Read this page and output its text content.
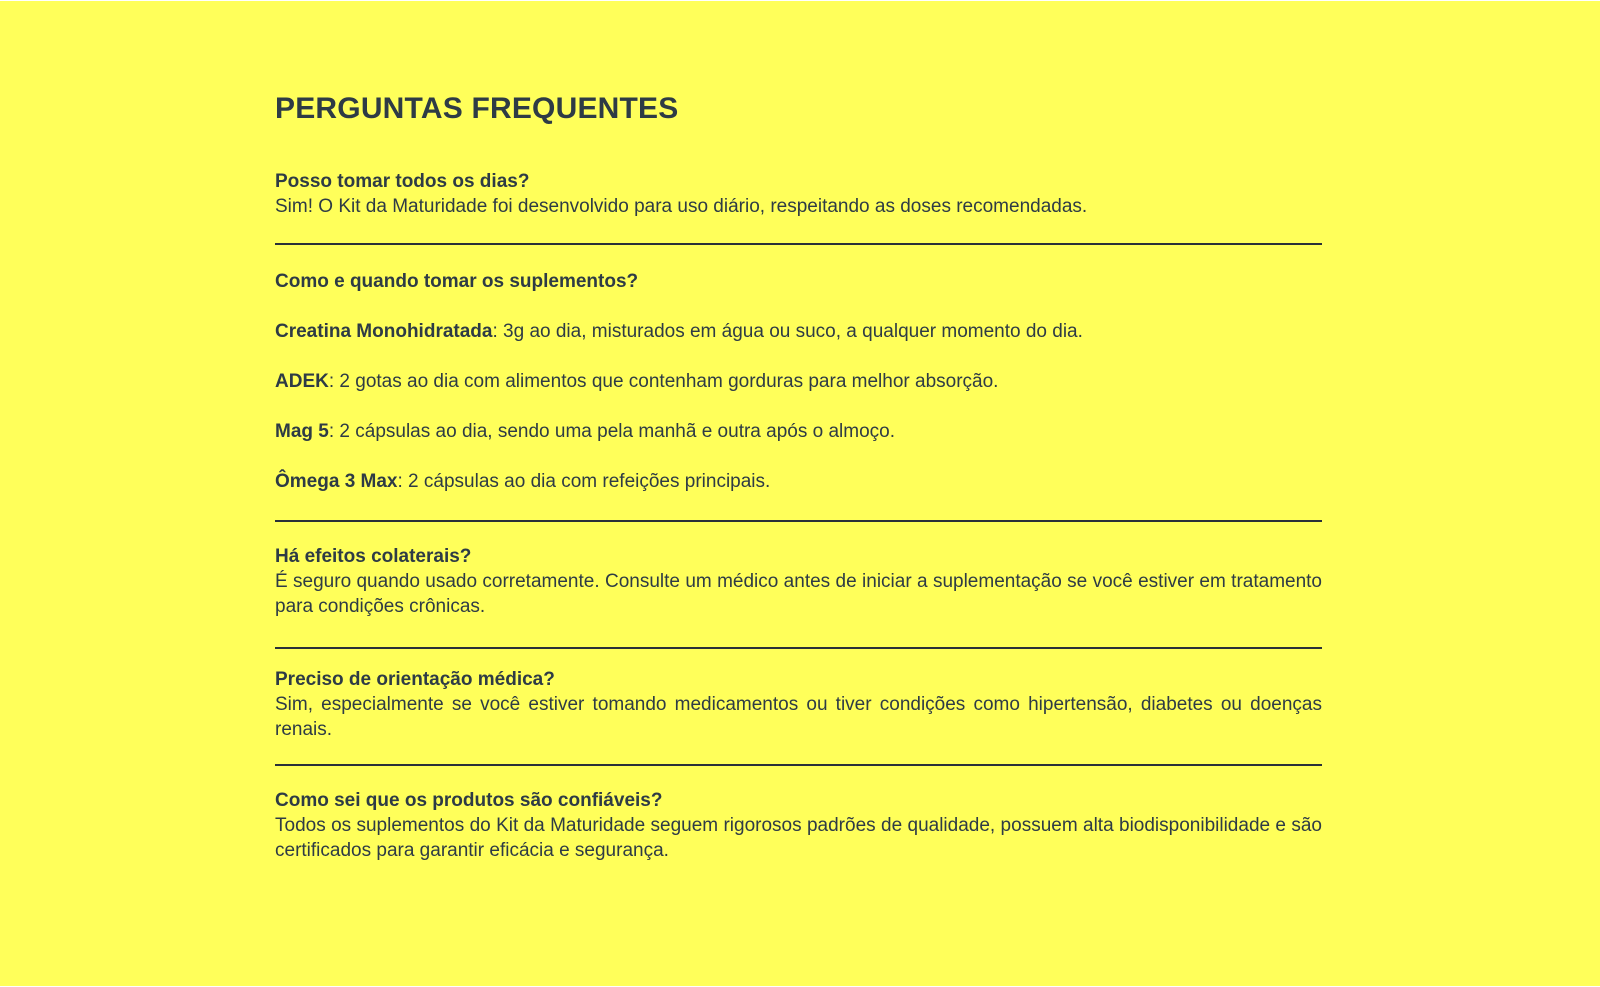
PERGUNTAS FREQUENTES

Posso tomar todos os dias?

Sim! O Kit da Maturidade foi desenvolvido para uso diário, respeitando as doses recomendadas.

Como e quando tomar os suplementos?

Creatina Monohidratada: 3g ao dia, misturados em água ou suco, a qualquer momento do dia.

ADEK: 2 gotas ao dia com alimentos que contenham gorduras para melhor absorção.

Mag 5: 2 cápsulas ao dia, sendo uma pela manhã e outra após o almoço.

Ômega 3 Max: 2 cápsulas ao dia com refeições principais.

Há efeitos colaterais?

É seguro quando usado corretamente. Consulte um médico antes de iniciar a suplementação se você estiver em tratamento para condições crônicas.

Preciso de orientação médica?

Sim, especialmente se você estiver tomando medicamentos ou tiver condições como hipertensão, diabetes ou doenças renais.

Como sei que os produtos são confiáveis?

Todos os suplementos do Kit da Maturidade seguem rigorosos padrões de qualidade, possuem alta biodisponibilidade e são certificados para garantir eficácia e segurança.
